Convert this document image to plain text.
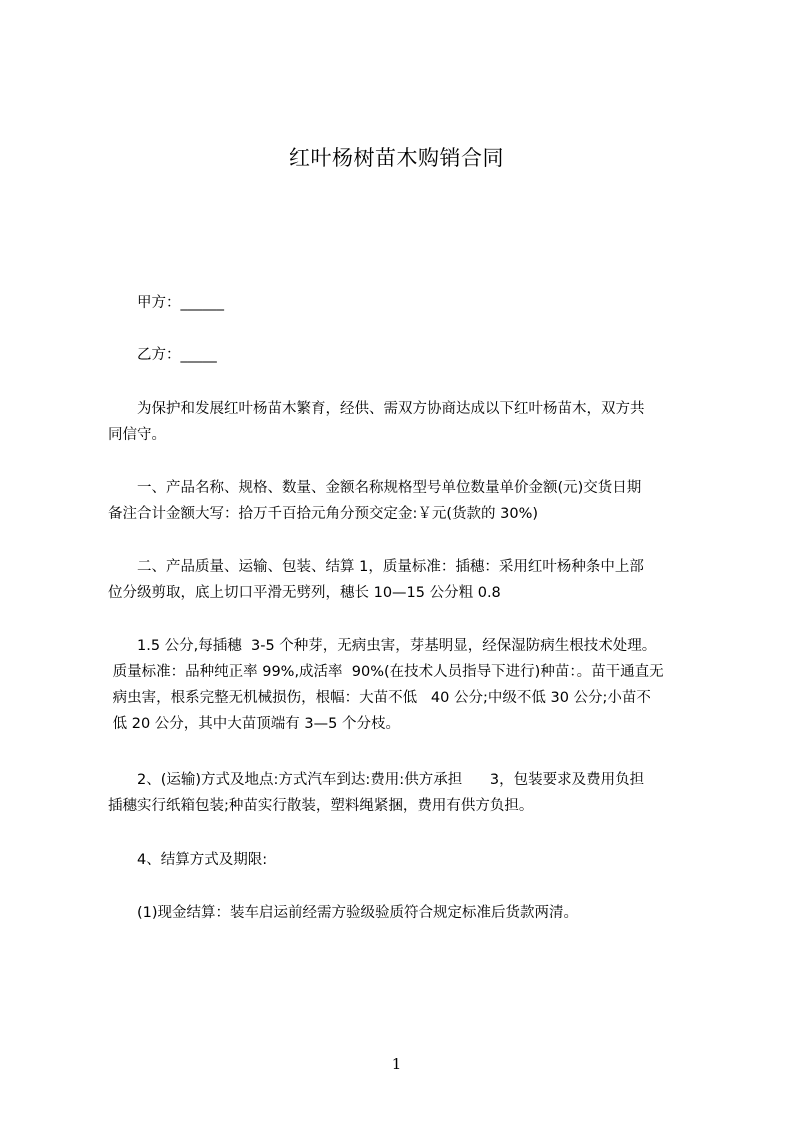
红叶杨树苗木购销合同
甲方：______
乙方：_____
为保护和发展红叶杨苗木繁育，经供、需双方协商达成以下红叶杨苗木，双方共
同信守。
一、产品名称、规格、数量、金额名称规格型号单位数量单价金额(元)交货日期
备注合计金额大写：拾万千百拾元角分预交定金:￥元(货款的 30%)
二、产品质量、运输、包装、结算 1，质量标准：插穗：采用红叶杨种条中上部
位分级剪取，底上切口平滑无劈列，穗长 10—15 公分粗 0.8
1.5 公分,每插穗  3-5 个种芽，无病虫害，芽基明显，经保湿防病生根技术处理。
质量标准：品种纯正率 99%,成活率  90%(在技术人员指导下进行)种苗：。苗干通直无
病虫害，根系完整无机械损伤，根幅：大苗不低   40 公分;中级不低 30 公分;小苗不
低 20 公分，其中大苗顶端有 3—5 个分枝。
2、(运输)方式及地点:方式汽车到达:费用:供方承担      3，包装要求及费用负担
插穗实行纸箱包装;种苗实行散装，塑料绳紧捆，费用有供方负担。
4、结算方式及期限:
(1)现金结算：装车启运前经需方验级验质符合规定标准后货款两清。
1
